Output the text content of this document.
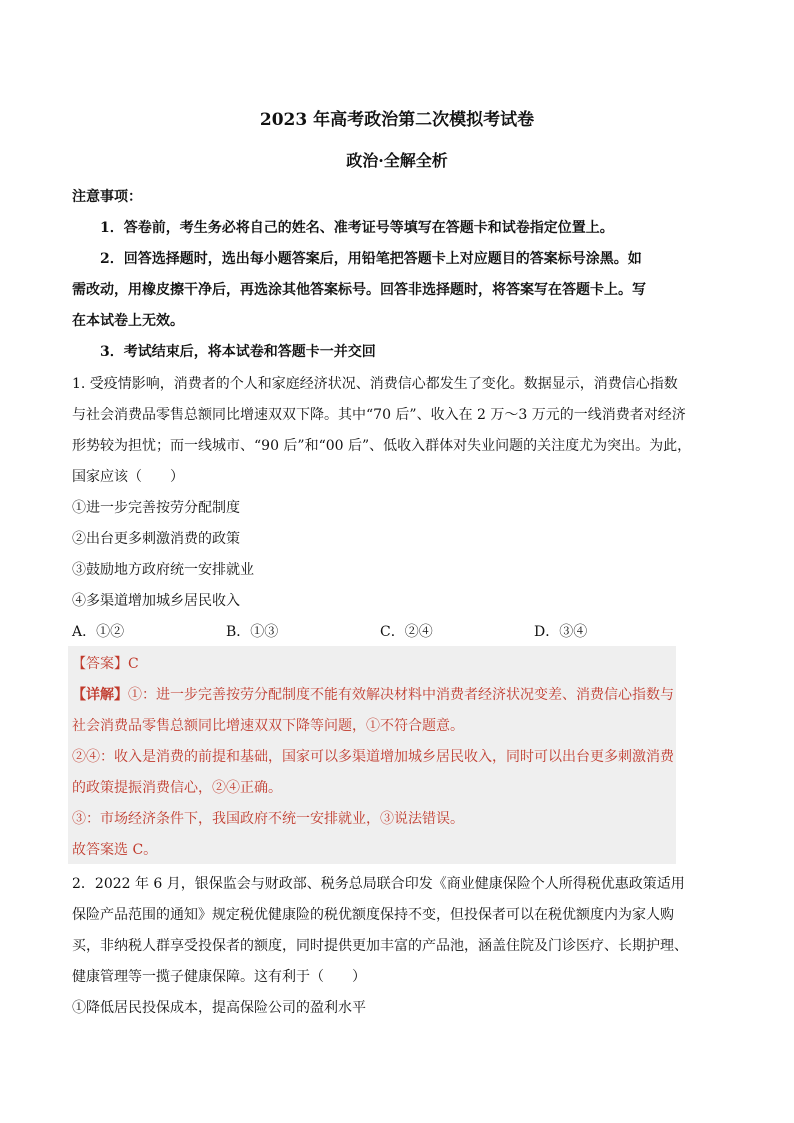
2023 年高考政治第二次模拟考试卷
政治·全解全析
注意事项：
1．答卷前，考生务必将自己的姓名、准考证号等填写在答题卡和试卷指定位置上。
2．回答选择题时，选出每小题答案后，用铅笔把答题卡上对应题目的答案标号涂黑。如
需改动，用橡皮擦干净后，再选涂其他答案标号。回答非选择题时，将答案写在答题卡上。写
在本试卷上无效。
3．考试结束后，将本试卷和答题卡一并交回
1. 受疫情影响，消费者的个人和家庭经济状况、消费信心都发生了变化。数据显示，消费信心指数
与社会消费品零售总额同比增速双双下降。其中“70 后”、收入在 2 万～3 万元的一线消费者对经济
形势较为担忧；而一线城市、“90 后”和“00 后”、低收入群体对失业问题的关注度尤为突出。为此，
国家应该（　　）
①进一步完善按劳分配制度
②出台更多刺激消费的政策
③鼓励地方政府统一安排就业
④多渠道增加城乡居民收入
A．①②	B．①③	C．②④	D．③④
【答案】C
【详解】①：进一步完善按劳分配制度不能有效解决材料中消费者经济状况变差、消费信心指数与
社会消费品零售总额同比增速双双下降等问题，①不符合题意。
②④：收入是消费的前提和基础，国家可以多渠道增加城乡居民收入，同时可以出台更多刺激消费
的政策提振消费信心，②④正确。
③：市场经济条件下，我国政府不统一安排就业，③说法错误。
故答案选 C。
2．2022 年 6 月，银保监会与财政部、税务总局联合印发《商业健康保险个人所得税优惠政策适用
保险产品范围的通知》规定税优健康险的税优额度保持不变，但投保者可以在税优额度内为家人购
买，非纳税人群享受投保者的额度，同时提供更加丰富的产品池，涵盖住院及门诊医疗、长期护理、
健康管理等一揽子健康保障。这有利于（　　）
①降低居民投保成本，提高保险公司的盈利水平
